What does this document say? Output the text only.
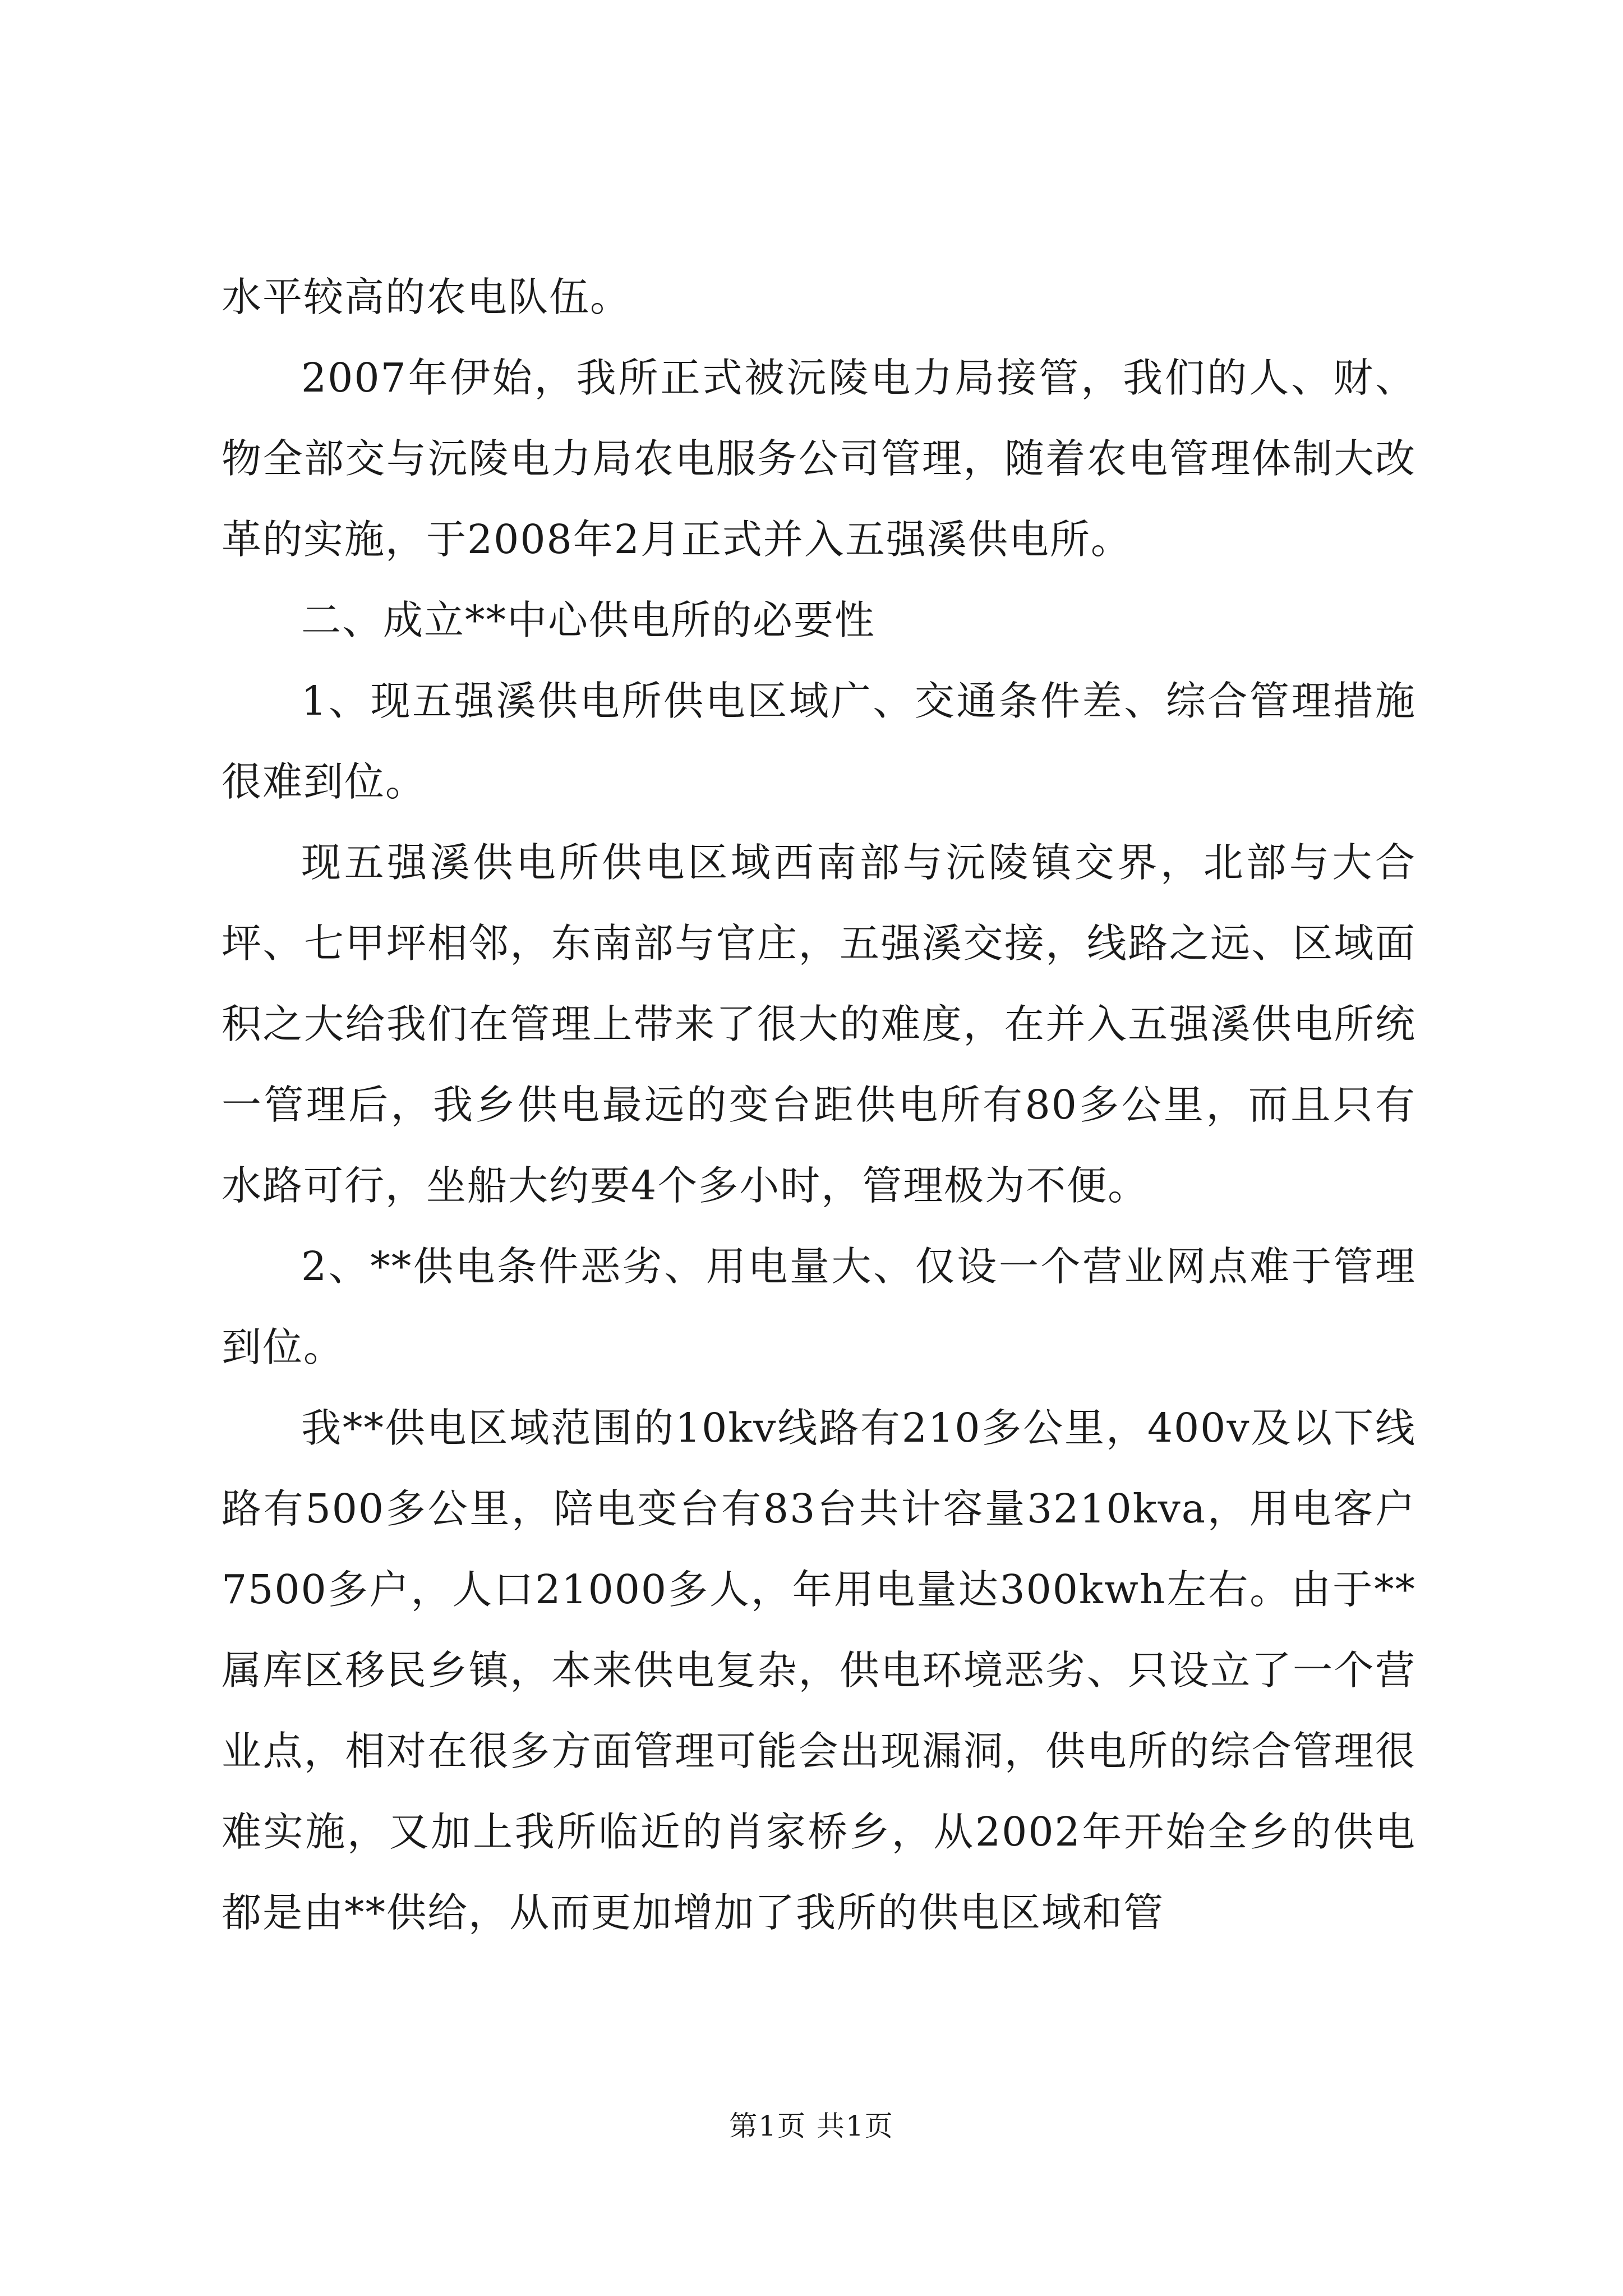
水平较高的农电队伍。

2007年伊始，我所正式被沅陵电力局接管，我们的人、财、物全部交与沅陵电力局农电服务公司管理，随着农电管理体制大改革的实施，于2008年2月正式并入五强溪供电所。

二、成立**中心供电所的必要性

1、现五强溪供电所供电区域广、交通条件差、综合管理措施很难到位。

现五强溪供电所供电区域西南部与沅陵镇交界，北部与大合坪、七甲坪相邻，东南部与官庄，五强溪交接，线路之远、区域面积之大给我们在管理上带来了很大的难度，在并入五强溪供电所统一管理后，我乡供电最远的变台距供电所有80多公里，而且只有水路可行，坐船大约要4个多小时，管理极为不便。

2、**供电条件恶劣、用电量大、仅设一个营业网点难于管理到位。

我**供电区域范围的10kv线路有210多公里，400v及以下线路有500多公里，陪电变台有83台共计容量3210kva，用电客户7500多户，人口21000多人，年用电量达300kwh左右。由于**属库区移民乡镇，本来供电复杂，供电环境恶劣、只设立了一个营业点，相对在很多方面管理可能会出现漏洞，供电所的综合管理很难实施，又加上我所临近的肖家桥乡，从2002年开始全乡的供电都是由**供给，从而更加增加了我所的供电区域和管

第1页 共1页
